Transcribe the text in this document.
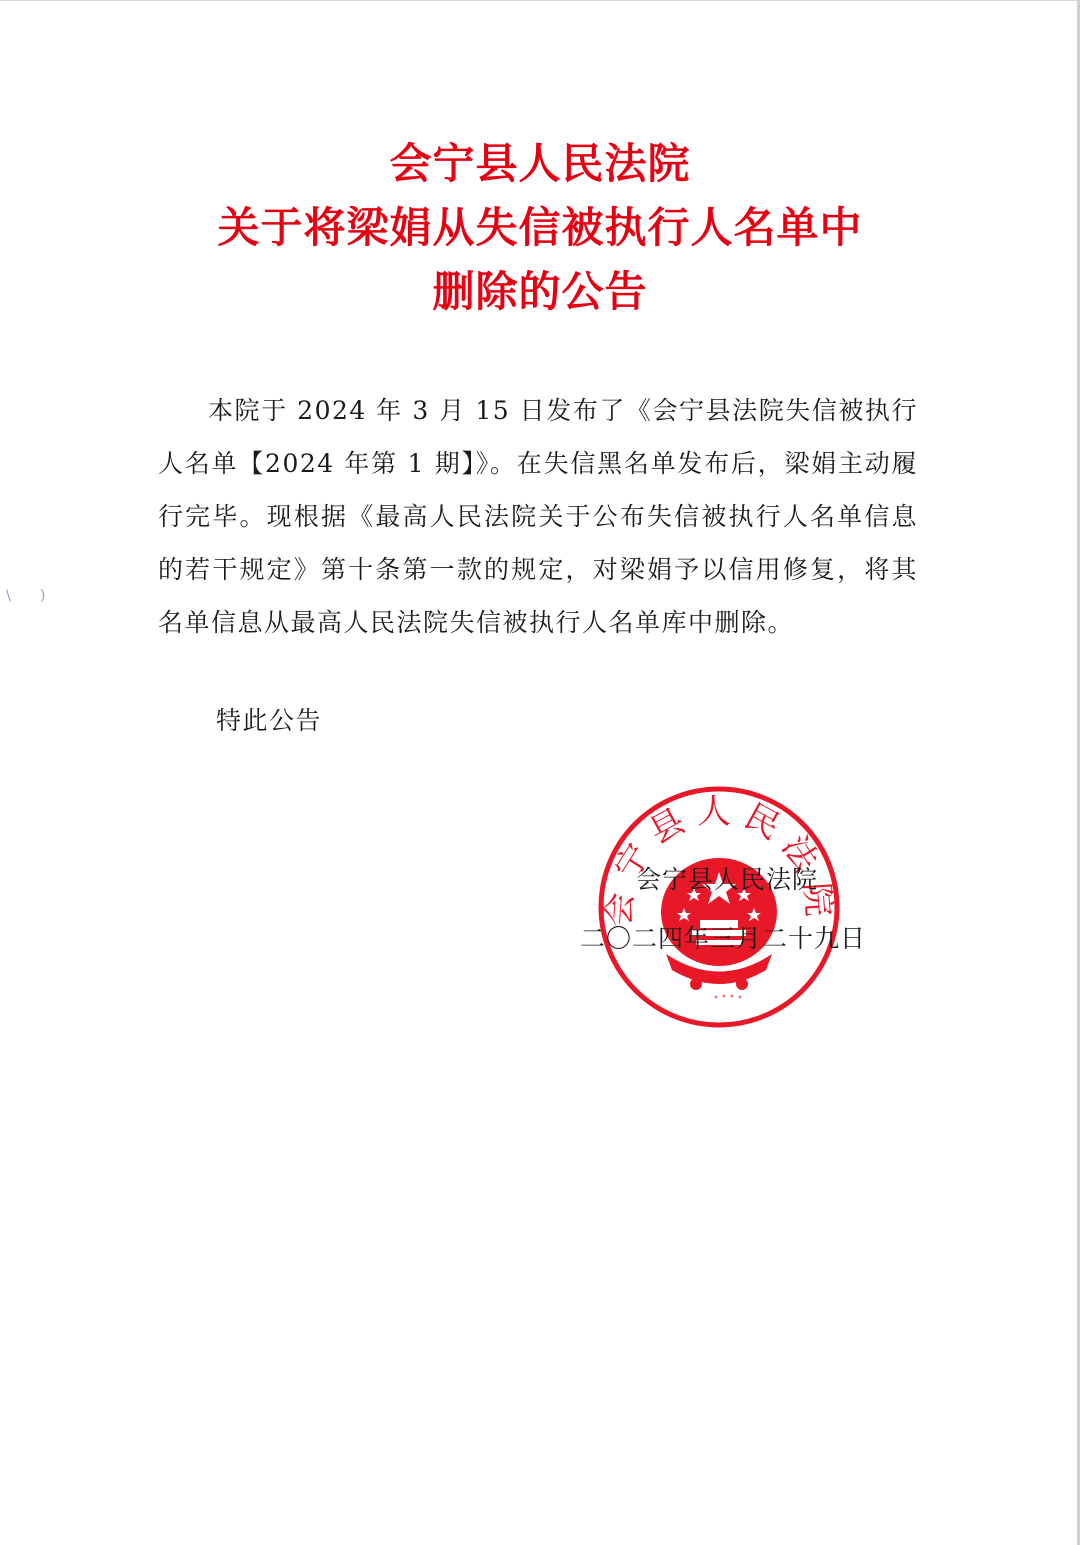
\ )
会宁县人民法院
关于将梁娟从失信被执行人名单中
删除的公告

本院于 2024 年 3 月 15 日发布了《会宁县法院失信被执行人名单【2024 年第 1 期】》。在失信黑名单发布后，梁娟主动履行完毕。现根据《最高人民法院关于公布失信被执行人名单信息的若干规定》第十条第一款的规定，对梁娟予以信用修复，将其名单信息从最高人民法院失信被执行人名单库中删除。

特此公告
会宁县人民法院
会宁县人民法院
二〇二四年三月二十九日
